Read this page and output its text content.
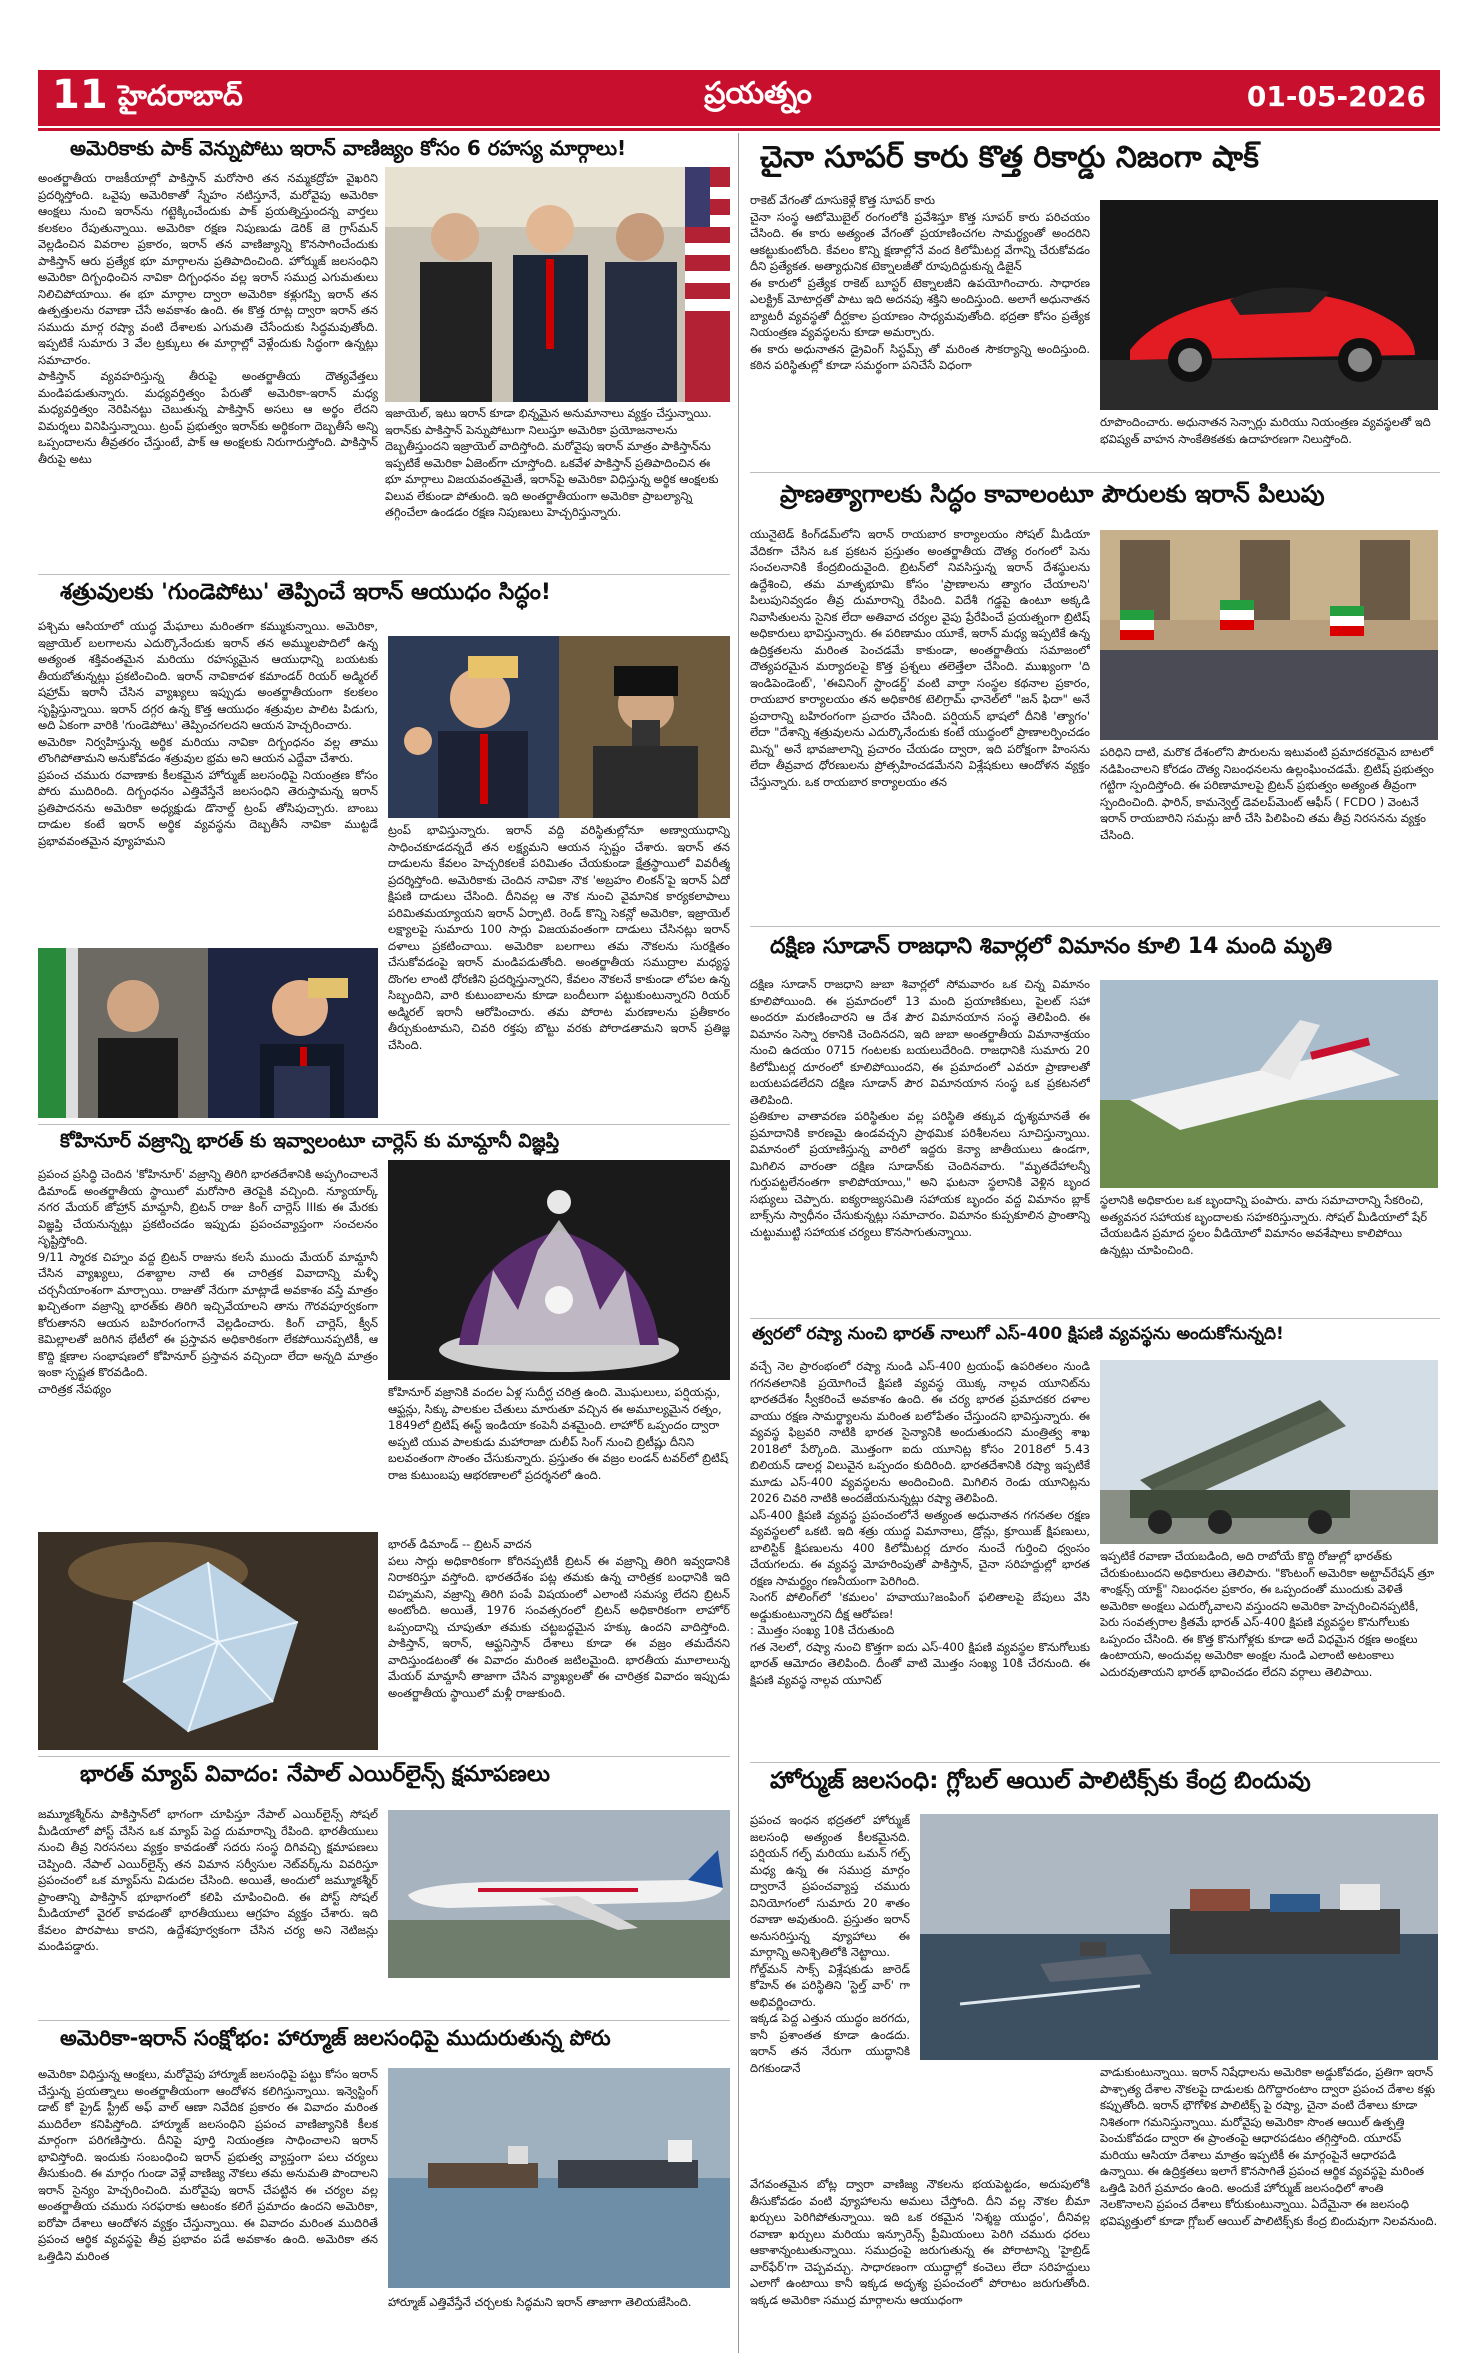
11 హైదరాబాద్	ప్రయత్నం	01-05-2026
అమెరికాకు పాక్ వెన్నుపోటు ఇరాన్ వాణిజ్యం కోసం 6 రహస్య మార్గాలు!

అంతర్జాతీయ రాజకీయాల్లో పాకిస్తాన్ మరోసారి తన నమ్మకద్రోహ వైఖరిని ప్రదర్శిస్తోంది. ఒవైపు అమెరికాతో స్నేహం నటిస్తూనే, మరోవైపు అమెరికా ఆంక్షలు నుంచి ఇరాన్‌ను గట్టెక్కించేందుకు పాక్ ప్రయత్నిస్తుందన్న వార్తలు కలకలం రేపుతున్నాయి. అమెరికా రక్షణ నిపుణుడు డెరిక్ జె గ్రాస్‌మన్ వెల్లడించిన వివరాల ప్రకారం, ఇరాన్ తన వాణిజ్యాన్ని కొనసాగించేందుకు పాకిస్తాన్ ఆరు ప్రత్యేక భూ మార్గాలను ప్రతిపాదించింది. హోర్ముజ్ జలసంధిని అమెరికా దిగ్బంధించిన నావికా దిగ్బంధనం వల్ల ఇరాన్ సముద్ర ఎగుమతులు నిలిచిపోయాయి. ఈ భూ మార్గాల ద్వారా అమెరికా కళ్లుగప్పి ఇరాన్ తన ఉత్పత్తులను రవాణా చేసే అవకాశం ఉంది. ఈ కొత్త రూట్ల ద్వారా ఇరాన్ తన సముదు మార్గ రష్యా వంటి దేశాలకు ఎగుమతి చేసేందుకు సిద్ధమవుతోంది. ఇప్పటికే సుమారు 3 వేల ట్రక్కులు ఈ మార్గాల్లో వెళ్లేందుకు సిద్ధంగా ఉన్నట్లు సమాచారం.

పాకిస్తాన్ వ్యవహరిస్తున్న తీరుపై అంతర్జాతీయ దౌత్యవేత్తలు మండిపడుతున్నారు. మధ్యవర్తిత్వం పేరుతో అమెరికా-ఇరాన్ మధ్య మధ్యవర్తిత్వం నెరిపినట్టు చెబుతున్న పాకిస్తాన్ అసలు ఆ అర్థం లేదని విమర్శలు వినిపిస్తున్నాయి. ట్రంప్ ప్రభుత్వం ఇరాన్‌కు అర్థికంగా దెబ్బతీసే అన్ని ఒప్పందాలను తీవ్రతరం చేస్తుంటే, పాక్ ఆ అంక్షలకు నిరుగారుస్తోంది. పాకిస్తాన్ తీరుపై అటు

ఇజాయెల్, ఇటు ఇరాన్ కూడా భిన్నమైన అనుమానాలు వ్యక్తం చేస్తున్నాయి. ఇరాన్‌కు పాకిస్తాన్ పెన్నుపోటుగా నిలుస్తూ అమెరికా ప్రయోజనాలను దెబ్బతీస్తుందని ఇజ్రాయెల్ వాదిస్తోంది. మరోవైపు ఇరాన్ మాత్రం పాకిస్తాన్‌ను ఇప్పటికే అమెరికా ఏజెంట్‌గా చూస్తోంది. ఒకవేళ పాకిస్తాన్ ప్రతిపాదించిన ఈ భూ మార్గాలు విజయవంతమైతే, ఇరాన్‌పై అమెరికా విధిస్తున్న అర్థిక ఆంక్షలకు విలువ లేకుండా పోతుంది. ఇది అంతర్జాతీయంగా అమెరికా ప్రాబల్యాన్ని తగ్గించేలా ఉండడం రక్షణ నిపుణులు హెచ్చరిస్తున్నారు.
శత్రువులకు 'గుండెపోటు' తెప్పించే ఇరాన్ ఆయుధం సిద్ధం!

పశ్చిమ ఆసియాలో యుద్ధ మేఘాలు మరింతగా కమ్ముకున్నాయి. అమెరికా, ఇజ్రాయెల్ బలగాలను ఎదుర్కొనేందుకు ఇరాన్ తన అమ్ములపొదిలో ఉన్న అత్యంత శక్తివంతమైన మరియు రహస్యమైన ఆయుధాన్ని బయటకు తీయబోతున్నట్లు ప్రకటించింది. ఇరాన్ నావికాదళ కమాండర్ రియర్ అడ్మిరల్ షహ్రామ్ ఇరానీ చేసిన వ్యాఖ్యలు ఇప్పుడు అంతర్జాతీయంగా కలకలం సృష్టిస్తున్నాయి. ఇరాన్ దగ్గర ఉన్న కొత్త ఆయుధం శత్రువుల పాలిట పిడుగు, అది ఏకంగా వారికి 'గుండెపోటు' తెప్పించగలదని ఆయన హెచ్చరించారు.

అమెరికా నిర్వహిస్తున్న అర్థిక మరియు నావికా దిగ్బంధనం వల్ల తాము లొంగిపోతామని అనుకోవడం శత్రువుల భ్రమ అని ఆయన ఎద్దేవా చేశారు.

ప్రపంచ చమురు రవాణాకు కీలకమైన హోర్ముజ్ జలసంధిపై నియంత్రణ కోసం పోరు ముదిరింది. దిగ్బంధనం ఎత్తివేస్తేనే జలసంధిని తెరుస్తామన్న ఇరాన్ ప్రతిపాదనను అమెరికా అధ్యక్షుడు డొనాల్డ్ ట్రంప్ తోసిపుచ్చారు. బాంబు దాడుల కంటే ఇరాన్ అర్థిక వ్యవస్థను దెబ్బతీసే నావికా ముట్టడే ప్రభావవంతమైన వ్యూహమని

ట్రంప్ భావిస్తున్నారు. ఇరాన్ వద్ది వరిస్థితుల్లోనూ అణ్వాయుధాన్ని సాధించకూడదన్నదే తన లక్ష్యమని ఆయన స్పష్టం చేశారు. ఇరాన్ తన దాడులను కేవలం హెచ్చరికలకే పరిమితం చేయకుండా క్షేత్రస్థాయిలో వివరీత్మ ప్రదర్శిస్తోంది. అమెరికాకు చెందిన నావికా నౌక 'అబ్రహం లింకన్'పై ఇరాన్ ఏదో క్షిపణి దాడులు చేసింది. దీనివల్ల ఆ నౌక నుంచి వైమానిక కార్యకలాపాలు పరిమితమయ్యాయని ఇరాన్ ఏర్పాటి. రెండ్ కొన్ని సెకన్లో అమెరికా, ఇజ్రాయెల్ లక్ష్యాలపై సుమారు 100 సార్లు విజయవంతంగా దాడులు చేసినట్లు ఇరాన్ దళాలు ప్రకటించాయి. అమెరికా బలగాలు తమ నౌకలను సురక్షితం చేసుకోవడంపై ఇరాన్ మండిపడుతోంది. అంతర్జాతీయ సముద్రాల మధ్యస్థ దొంగల లాంటి ధోరణిని ప్రదర్శిస్తున్నారని, కేవలం నౌకలనే కాకుండా లోపల ఉన్న సిబ్బందిని, వారి కుటుంబాలను కూడా బందీలుగా పట్టుకుంటున్నారని రియర్ అడ్మిరల్ ఇరానీ ఆరోపించారు. తమ పోరాట మరణాలను ప్రతీకారం తీర్చుకుంటామని, చివరి రక్తపు బొట్టు వరకు పోరాడతామని ఇరాన్ ప్రతిజ్ఞ చేసింది.
కోహినూర్ వజ్రాన్ని భారత్ కు ఇవ్వాలంటూ చార్లెస్ కు మామ్దానీ విజ్ఞప్తి

ప్రపంచ ప్రసిద్ధి చెందిన 'కోహినూర్' వజ్రాన్ని తిరిగి భారతదేశానికి అప్పగించాలనే డిమాండ్ అంతర్జాతీయ స్థాయిలో మరోసారి తెరపైకి వచ్చింది. న్యూయార్క్ నగర మేయర్ జోహ్రాన్ మామ్దానీ, బ్రిటన్ రాజు కింగ్ చార్లెస్ IIIకు ఈ మేరకు విజ్ఞప్తి చేయనున్నట్లు ప్రకటించడం ఇప్పుడు ప్రపంచవ్యాప్తంగా సంచలనం సృష్టిస్తోంది.

9/11 స్మారక చిహ్నం వద్ద బ్రిటన్ రాజును కలసే ముందు మేయర్ మామ్దానీ చేసిన వ్యాఖ్యలు, దశాబ్దాల నాటి ఈ చారిత్రక వివాదాన్ని మళ్ళీ చర్చనీయాంశంగా మార్చాయి. రాజుతో నేరుగా మాట్లాడే అవకాశం వస్తే మాత్రం ఖచ్చితంగా వజ్రాన్ని భారత్‌కు తిరిగి ఇచ్చివేయాలని తాను గౌరవపూర్వకంగా కోరుతానని ఆయన బహిరంగంగానే వెల్లడించారు. కింగ్ చార్లెస్, క్వీన్ కెమిల్లాలతో జరిగిన భేటీలో ఈ ప్రస్తావన అధికారికంగా లేకపోయినప్పటికీ, ఆ కొద్ది క్షణాల సంభాషణలో కోహినూర్ ప్రస్తావన వచ్చిందా లేదా అన్నది మాత్రం ఇంకా స్పష్టత కొరవడింది.

చారిత్రక నేపథ్యం	కోహినూర్ వజ్రానికి వందల ఏళ్ల సుదీర్ఘ చరిత్ర ఉంది. మొఘలులు, పర్షియన్లు, ఆఫ్ఘన్లు, సిక్కు పాలకుల చేతులు మారుతూ వచ్చిన ఈ అమూల్యమైన రత్నం, 1849లో బ్రిటిష్ ఈస్ట్ ఇండియా కంపెనీ వశమైంది. లాహోర్ ఒప్పందం ద్వారా అప్పటి యువ పాలకుడు మహారాజా దులీప్ సింగ్ నుంచి బ్రిటీష్లు దీనిని బలవంతంగా సొంతం చేసుకున్నారు. ప్రస్తుతం ఈ వజ్రం లండన్ టవర్‌లో బ్రిటిష్ రాజ కుటుంబపు ఆభరణాలలో ప్రదర్శనలో ఉంది.

భారత్ డిమాండ్ -- బ్రిటన్ వాదన

పలు సార్లు అధికారికంగా కోరినప్పటికీ బ్రిటన్ ఈ వజ్రాన్ని తిరిగి ఇవ్వడానికి నిరాకరిస్తూ వస్తోంది. భారతదేశం పట్ల తమకు ఉన్న చారిత్రక బంధానికి ఇది చిహ్నమని, వజ్రాన్ని తిరిగి పంపే విషయంలో ఎలాంటి సమస్య లేదని బ్రిటన్ అంటోంది. అయితే, 1976 సంవత్సరంలో బ్రిటన్ అధికారికంగా లాహోర్ ఒప్పందాన్ని చూపుతూ తమకు చట్టబద్ధమైన హక్కు ఉందని వాదిస్తోంది. పాకిస్తాన్, ఇరాన్, ఆఫ్ఘనిస్తాన్ దేశాలు కూడా ఈ వజ్రం తమదేనని వాదిస్తుండటంతో ఈ వివాదం మరింత జటిలమైంది. భారతీయ మూలాలున్న మేయర్ మామ్దానీ తాజాగా చేసిన వ్యాఖ్యలతో ఈ చారిత్రక వివాదం ఇప్పుడు అంతర్జాతీయ స్థాయిలో మళ్లీ రాజుకుంది.

భారత్ మ్యాప్ వివాదం: నేపాల్ ఎయిర్‌లైన్స్ క్షమాపణలు
జమ్మూకశ్మీర్‌ను పాకిస్తాన్‌లో భాగంగా చూపిస్తూ నేపాల్ ఎయిర్‌లైన్స్ సోషల్ మీడియాలో పోస్ట్ చేసిన ఒక మ్యాప్ పెద్ద దుమారాన్ని రేపింది. భారతీయులు నుంచి తీవ్ర నిరసనలు వ్యక్తం కావడంతో సదరు సంస్థ దిగివచ్చి క్షమాపణలు చెప్పింది. నేపాల్ ఎయిర్‌లైన్స్ తన విమాన సర్వీసుల నెట్‌వర్క్‌ను వివరిస్తూ ప్రపంచంలో ఒక మ్యాప్‌ను విడుదల చేసింది. అయితే, అందులో జమ్మూకశ్మీర్ ప్రాంతాన్ని పాకిస్తాన్ భూభాగంలో కలిపి చూపించింది. ఈ పోస్ట్ సోషల్ మీడియాలో వైరల్ కావడంతో భారతీయులు ఆగ్రహం వ్యక్తం చేశారు. ఇది కేవలం పొరపాటు కాదని, ఉద్దేశపూర్వకంగా చేసిన చర్య అని నెటిజన్లు మండిపడ్డారు.
అమెరికా-ఇరాన్ సంక్షోభం: హార్మూజ్ జలసంధిపై ముదురుతున్న పోరు
అమెరికా విధిస్తున్న ఆంక్షలు, మరోవైపు హార్మూజ్ జలసంధిపై పట్టు కోసం ఇరాన్ చేస్తున్న ప్రయత్నాలు అంతర్జాతీయంగా ఆందోళన కలిగిస్తున్నాయి. ఇన్వెస్టింగ్ డాట్ కో ప్రైడ్ స్ట్రీట్ అఫ్ వాల్ ఆణా నివేదిక ప్రకారం ఈ వివాదం మరింత ముదిరేలా కనిపిస్తోంది. హార్మూజ్ జలసంధిని ప్రపంచ వాణిజ్యానికి కీలక మార్గంగా పరిగణిస్తారు. దీనిపై పూర్తి నియంత్రణ సాధించాలని ఇరాన్ భావిస్తోంది. ఇందుకు సంబంధించి ఇరాన్ ప్రభుత్వ వ్యాప్తంగా పలు చర్యలు తీసుకుంది. ఈ మార్గం గుండా వెళ్లే వాణిజ్య నౌకలు తమ అనుమతి పొందాలని ఇరాన్ సైన్యం హెచ్చరించింది. మరోవైపు ఇరాన్ చేపట్టిన ఈ చర్యల వల్ల అంతర్జాతీయ చమురు సరఫరాకు ఆటంకం కలిగే ప్రమాదం ఉందని అమెరికా, ఐరోపా దేశాలు ఆందోళన వ్యక్తం చేస్తున్నాయి. ఈ వివాదం మరింత ముదిరితే ప్రపంచ ఆర్థిక వ్యవస్థపై తీవ్ర ప్రభావం పడే అవకాశం ఉంది. అమెరికా తన ఒత్తిడిని మరింత
హార్మూజ్ ఎత్తివేస్తేనే చర్చలకు సిద్ధమని ఇరాన్ తాజాగా తెలియజేసింది.
చైనా సూపర్ కారు కొత్త రికార్డు నిజంగా షాక్

రాకెట్ వేగంతో దూసుకెళ్లే కొత్త సూపర్ కారు

చైనా సంస్థ ఆటోమొబైల్ రంగంలోకి ప్రవేశిస్తూ కొత్త సూపర్ కారు పరిచయం చేసింది. ఈ కారు అత్యంత వేగంతో ప్రయాణించగల సామర్థ్యంతో అందరిని ఆకట్టుకుంటోంది. కేవలం కొన్ని క్షణాల్లోనే వంద కిలోమీటర్ల వేగాన్ని చేరుకోవడం దీని ప్రత్యేకత. అత్యాధునిక టెక్నాలజీతో రూపుదిద్దుకున్న డిజైన్

ఈ కారులో ప్రత్యేక రాకెట్ బూస్టర్ టెక్నాలజీని ఉపయోగించారు. సాధారణ ఎలక్ట్రిక్ మోటార్లతో పాటు ఇది అదనపు శక్తిని అందిస్తుంది. అలాగే అధునాతన బ్యాటరీ వ్యవస్థతో దీర్ఘకాల ప్రయాణం సాధ్యమవుతోంది. భద్రతా కోసం ప్రత్యేక నియంత్రణ వ్యవస్థలను కూడా అమర్చారు.

ఈ కారు అధునాతన డ్రైవింగ్ సిస్టమ్స్ తో మరింత సౌకర్యాన్ని అందిస్తుంది. కఠిన పరిస్థితుల్లో కూడా సమర్థంగా పనిచేసే విధంగా

రూపొందించారు. అధునాతన సెన్సార్లు మరియు నియంత్రణ వ్యవస్థలతో ఇది భవిష్యత్ వాహన సాంకేతికతకు ఉదాహరణగా నిలుస్తోంది.
ప్రాణత్యాగాలకు సిద్ధం కావాలంటూ పౌరులకు ఇరాన్ పిలుపు
యునైటెడ్ కింగ్‌డమ్‌లోని ఇరాన్ రాయబార కార్యాలయం సోషల్ మీడియా వేదికగా చేసిన ఒక ప్రకటన ప్రస్తుతం అంతర్జాతీయ దౌత్య రంగంలో పెను సంచలనానికి కేంద్రబిందువైంది. బ్రిటన్‌లో నివసిస్తున్న ఇరాన్ దేశస్థులను ఉద్దేశించి, తమ మాతృభూమి కోసం 'ప్రాణాలను త్యాగం చేయాలని' పిలుపునివ్వడం తీవ్ర దుమారాన్ని రేపింది. విదేశీ గడ్డపై ఉంటూ అక్కడి నివాసితులను సైనిక లేదా అతివాద చర్యల వైపు ప్రేరేపించే ప్రయత్నంగా బ్రిటిష్ అధికారులు భావిస్తున్నారు. ఈ పరిణామం యూకే, ఇరాన్ మధ్య ఇప్పటికే ఉన్న ఉద్రిక్తతలను మరింత పెంచడమే కాకుండా, అంతర్జాతీయ సమాజంలో దౌత్యపరమైన మర్యాదలపై కొత్త ప్రశ్నలు తలెత్తేలా చేసింది. ముఖ్యంగా 'ది ఇండిపెండెంట్', 'ఈవినింగ్ స్టాండర్డ్' వంటి వార్తా సంస్థల కథనాల ప్రకారం, రాయబార కార్యాలయం తన అధికారిక టెలిగ్రామ్ ఛానెల్‌లో "జన్ ఫిదా" అనే ప్రచారాన్ని బహిరంగంగా ప్రచారం చేసింది. పర్షియన్ భాషలో దీనికి 'త్యాగం' లేదా "దేశాన్ని శత్రువులను ఎదుర్కొనేందుకు కంటే యుద్ధంలో ప్రాణాలర్పించడం మిన్న" అనే భావజాలాన్ని ప్రచారం చేయడం ద్వారా, ఇది పరోక్షంగా హింసను లేదా తీవ్రవాద ధోరణులను ప్రోత్సహించడమేనని విశ్లేషకులు ఆందోళన వ్యక్తం చేస్తున్నారు. ఒక రాయబార కార్యాలయం తన
పరిధిని దాటి, మరొక దేశంలోని పౌరులను ఇటువంటి ప్రమాదకరమైన బాటలో నడిపించాలని కోరడం దౌత్య నిబంధనలను ఉల్లంఘించడమే. బ్రిటిష్ ప్రభుత్వం గట్టిగా స్పందిస్తోంది. ఈ పరిణామాలపై బ్రిటన్ ప్రభుత్వం అత్యంత తీవ్రంగా స్పందించింది. ఫారిన్, కామన్వెల్త్ డెవలప్‌మెంట్ ఆఫీస్ ( FCDO ) వెంటనే ఇరాన్ రాయబారిని సమన్లు జారీ చేసి పిలిపించి తమ తీవ్ర నిరసనను వ్యక్తం చేసింది.
దక్షిణ సూడాన్ రాజధాని శివార్లలో విమానం కూలి 14 మంది మృతి

దక్షిణ సూడాన్ రాజధాని జుబా శివార్లలో సోమవారం ఒక చిన్న విమానం కూలిపోయింది. ఈ ప్రమాదంలో 13 మంది ప్రయాణికులు, పైలట్ సహా అందరూ మరణించారని ఆ దేశ పౌర విమానయాన సంస్థ తెలిపింది. ఈ విమానం సెస్నా రకానికి చెందినదని, ఇది జుబా అంతర్జాతీయ విమానాశ్రయం నుంచి ఉదయం 0715 గంటలకు బయలుదేరింది. రాజధానికి సుమారు 20 కిలోమీటర్ల దూరంలో కూలిపోయిందని, ఈ ప్రమాదంలో ఎవరూ ప్రాణాలతో బయటపడలేదని దక్షిణ సూడాన్ పౌర విమానయాన సంస్థ ఒక ప్రకటనలో తెలిపింది.

ప్రతికూల వాతావరణ పరిస్థితుల వల్ల పరిస్థితి తక్కువ దృశ్యమానతే ఈ ప్రమాదానికి కారణమై ఉండవచ్చని ప్రాథమిక పరిశీలనలు సూచిస్తున్నాయి. విమానంలో ప్రయాణిస్తున్న వారిలో ఇద్దరు కెన్యా జాతీయులు ఉండగా, మిగిలిన వారంతా దక్షిణ సూడాన్‌కు చెందినవారు. "మృతదేహాలన్నీ గుర్తుపట్టలేనంతగా కాలిపోయాయి," అని ఘటనా స్థలానికి వెళ్లిన బృంద సభ్యులు చెప్పారు. ఐక్యరాజ్యసమితి సహాయక బృందం వద్ద విమానం బ్లాక్ బాక్స్‌ను స్వాధీనం చేసుకున్నట్లు సమాచారం. విమానం కుప్పకూలిన ప్రాంతాన్ని చుట్టుముట్టి సహాయక చర్యలు కొనసాగుతున్నాయి.

స్థలానికి అధికారుల ఒక బృందాన్ని పంపారు. వారు సమాచారాన్ని సేకరించి, అత్యవసర సహాయక బృందాలకు సహకరిస్తున్నారు. సోషల్ మీడియాలో షేర్ చేయబడిన ప్రమాద స్థలం వీడియోలో విమానం అవశేషాలు కాలిపోయి ఉన్నట్లు చూపించింది.
త్వరలో రష్యా నుంచి భారత్ నాలుగో ఎస్-400 క్షిపణి వ్యవస్థను అందుకోనున్నది!

వచ్చే నెల ప్రారంభంలో రష్యా నుండి ఎస్-400 ట్రయంఫ్ ఉపరితలం నుండి గగనతలానికి ప్రయోగించే క్షిపణి వ్యవస్థ యొక్క నాల్గవ యూనిట్‌ను భారతదేశం స్వీకరించే అవకాశం ఉంది. ఈ చర్య భారత ప్రమాదకర దళాల వాయు రక్షణ సామర్థ్యాలను మరింత బలోపేతం చేస్తుందని భావిస్తున్నారు. ఈ వ్యవస్థ ఫిబ్రవరి నాటికి భారత సైన్యానికి అందుతుందని మంత్రిత్వ శాఖ 2018లో పేర్కొంది. మొత్తంగా ఐదు యూనిట్ల కోసం 2018లో 5.43 బిలియన్ డాలర్ల విలువైన ఒప్పందం కుదిరింది. భారతదేశానికి రష్యా ఇప్పటికే మూడు ఎస్-400 వ్యవస్థలను అందించింది. మిగిలిన రెండు యూనిట్లను 2026 చివరి నాటికి అందజేయనున్నట్లు రష్యా తెలిపింది.

ఎస్-400 క్షిపణి వ్యవస్థ ప్రపంచంలోనే అత్యంత అధునాతన గగనతల రక్షణ వ్యవస్థలలో ఒకటి. ఇది శత్రు యుద్ధ విమానాలు, డ్రోన్లు, క్రూయిజ్ క్షిపణులు, బాలిస్టిక్ క్షిపణులను 400 కిలోమీటర్ల దూరం నుంచే గుర్తించి ధ్వంసం చేయగలదు. ఈ వ్యవస్థ మోహరింపుతో పాకిస్తాన్, చైనా సరిహద్దుల్లో భారత రక్షణ సామర్థ్యం గణనీయంగా పెరిగింది.

సెంగర్ పోలింగ్‌లో 'కమలం' హవాయు?జంపింగ్ ఫలితాలపై బేపులు వేసి అడ్డుకుంటున్నారని దీక్ష ఆరోపణ!

: మొత్తం సంఖ్య 10కి చేరుతుంది

గత నెలలో, రష్యా నుంచి కొత్తగా ఐదు ఎస్-400 క్షిపణి వ్యవస్థల కొనుగోలుకు భారత్ ఆమోదం తెలిపింది. దీంతో వాటి మొత్తం సంఖ్య 10కి చేరనుంది. ఈ క్షిపణి వ్యవస్థ నాల్గవ యూనిట్

ఇప్పటికే రవాణా చేయబడింది, అది రాబోయే కొద్ది రోజుల్లో భారత్‌కు చేరుకుంటుందని అధికారులు తెలిపారు. "కొంటంగ్ అమెరికా అట్టాచ్‌రేషన్ త్రూ శాంక్షన్స్ యాక్ట్" నిబంధనల ప్రకారం, ఈ ఒప్పందంతో ముందుకు వెళితే అమెరికా అంక్షలు ఎదుర్కోవాలని వస్తుందని అమెరికా హెచ్చరించినప్పటికీ, పెరు సంవత్సరాల క్రితమే భారత్ ఎస్-400 క్షిపణి వ్యవస్థల కొనుగోలుకు ఒప్పందం చేసింది. ఈ కొత్త కొనుగోళ్లకు కూడా అదే విధమైన రక్షణ అంక్షలు ఉంటాయని, అందువల్ల అమెరికా అంక్షల నుండి ఎలాంటి అటంకాలు ఎదురవుతాయని భారత్ భావించడం లేదని వర్గాలు తెలిపాయి.
హోర్ముజ్ జలసంధి: గ్లోబల్ ఆయిల్ పాలిటిక్స్‌కు కేంద్ర బిందువు

ప్రపంచ ఇంధన భద్రతలో హోర్ముజ్ జలసంధి అత్యంత కీలకమైనది. పర్షియన్ గల్ఫ్ మరియు ఒమన్ గల్ఫ్ మధ్య ఉన్న ఈ సముద్ర మార్గం ద్వారానే ప్రపంచవ్యాప్త చమురు వినియోగంలో సుమారు 20 శాతం రవాణా అవుతుంది. ప్రస్తుతం ఇరాన్ అనుసరిస్తున్న వ్యూహాలు ఈ మార్గాన్ని అనిశ్చితిలోకి నెట్టాయి.

గోల్డ్‌మన్ సాక్స్ విశ్లేషకుడు జారెడ్ కోహెన్ ఈ పరిస్థితిని 'స్టెల్త్ వార్' గా అభివర్ణించారు.

ఇక్కడ పెద్ద ఎత్తున యుద్ధం జరగదు, కానీ ప్రశాంతత కూడా ఉండదు. ఇరాన్ తన నేరుగా యుద్ధానికి దిగకుండానే

వేగవంతమైన బోట్ల ద్వారా వాణిజ్య నౌకలను భయపెట్టడం, అదుపులోకి తీసుకోవడం వంటి వ్యూహాలను అమలు చేస్తోంది. దీని వల్ల నౌకల బీమా ఖర్చులు పెరిగిపోతున్నాయి. ఇది ఒక రకమైన 'నిశ్శబ్ద యుద్ధం', దీనివల్ల రవాణా ఖర్చులు మరియు ఇన్సూరెన్స్ ప్రీమియంలు పెరిగి చమురు ధరలు ఆకాశాన్నంటుతున్నాయి. సముద్రంపై జరుగుతున్న ఈ పోరాటాన్ని 'హైబ్రిడ్ వార్‌ఫేర్'గా చెప్పవచ్చు. సాధారణంగా యుద్ధాల్లో కంచెలు లేదా సరిహద్దులు ఎలాగో ఉంటాయి కానీ ఇక్కడ అదృశ్య ప్రపంచంలో పోరాటం జరుగుతోంది. ఇక్కడ అమెరికా సముద్ర మార్గాలను ఆయుధంగా
వాడుకుంటున్నాయి. ఇరాన్ నిషేధాలను అమెరికా అడ్డుకోవడం, ప్రతిగా ఇరాన్ పాశ్చాత్య దేశాల నౌకలపై దాడులకు దిగొద్దారంటాం ద్వారా ప్రపంచ దేశాల కళ్లు కప్పుతోంది. ఇరాన్ భౌగోళిక పాలిటిక్స్ పై రష్యా, చైనా వంటి దేశాలు కూడా నిశితంగా గమనిస్తున్నాయి. మరోవైపు అమెరికా సొంత ఆయిల్ ఉత్పత్తి పెంచుకోవడం ద్వారా ఈ ప్రాంతంపై ఆధారపడటం తగ్గిస్తోంది. యూరప్ మరియు ఆసియా దేశాలు మాత్రం ఇప్పటికీ ఈ మార్గంపైనే ఆధారపడి ఉన్నాయి. ఈ ఉద్రిక్తతలు ఇలాగే కొనసాగితే ప్రపంచ ఆర్థిక వ్యవస్థపై మరింత ఒత్తిడి పెరిగే ప్రమాదం ఉంది. అందుకే హోర్ముజ్ జలసంధిలో శాంతి నెలకొనాలని ప్రపంచ దేశాలు కోరుకుంటున్నాయి. ఏదేమైనా ఈ జలసంధి భవిష్యత్తులో కూడా గ్లోబల్ ఆయిల్ పాలిటిక్స్‌కు కేంద్ర బిందువుగా నిలవనుంది.
